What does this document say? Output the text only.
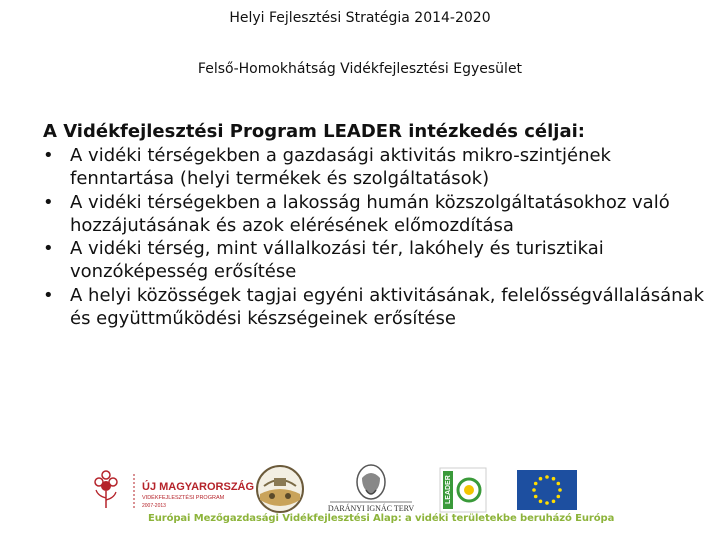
Helyi Fejlesztési Stratégia 2014-2020
Felső-Homokhátság Vidékfejlesztési Egyesület
A Vidékfejlesztési Program LEADER intézkedés céljai:
• A vidéki térségekben a gazdasági aktivitás mikro-szintjének fenntartása (helyi termékek és szolgáltatások)
• A vidéki térségekben a lakosság humán közszolgáltatásokhoz való hozzájutásának és azok elérésének előmozdítása
• A vidéki térség, mint vállalkozási tér, lakóhely és turisztikai vonzóképesség erősítése
• A helyi közösségek tagjai egyéni aktivitásának, felelősségvállalásának és együttműködési készségeinek erősítése
ÚJ MAGYARORSZÁG
VIDÉKFEJLESZTÉSI PROGRAM
2007-2013	DARÁNYI IGNÁC TERV
LEADER
Európai Mezőgazdasági Vidékfejlesztési Alap: a vidéki területekbe beruházó Európa
